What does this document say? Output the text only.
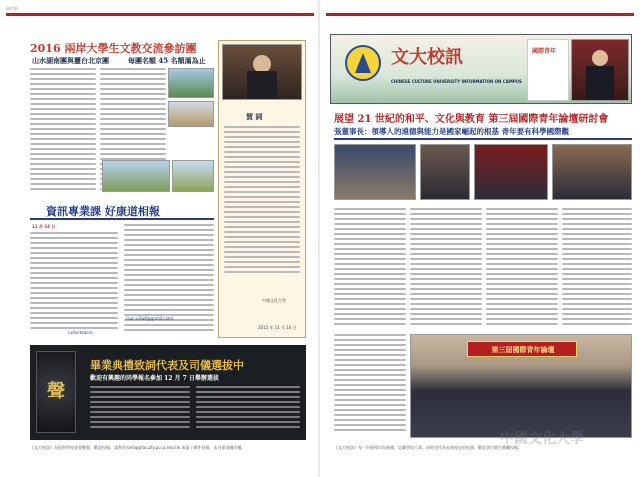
兩岸新
2016 兩岸大學生文教交流參訪團
山水湖南團與靈台北京團	每團名額 45 名額滿為止
賀 詞
中國文化大學
2015 年 11 月 16 日
資訊專業課 好康道相報
11 月 24 日
(sun.u2w6@gmail.com)
(u/hcrteace)
聲
畢業典禮致詞代表及司儀選拔中
歡迎有興趣的同學報名參加 12 月 7 日舉辦選拔
《文大校訊》為提供學校重要動態，歡迎投稿，請利用 bnhq@faculty.pccu.edu.tw 或電子郵件投稿，本刊保留刪改權。
文大校訊
CHINESE CULTURE UNIVERSITY INFORMATION ON CAMPUS
國際青年
展望 21 世紀的和平、文化與教育 第三屆國際青年論壇研討會
張董事長：領導人的遠德與能力是國家崛起的根基 青年要有科學國際觀
第三屆國際青年論壇
中國文化大學
《文大校訊》每一份報導均為新聞，記載學校大事，同時也作為未來校史的紀錄，歡迎各位師生踴躍投稿。
